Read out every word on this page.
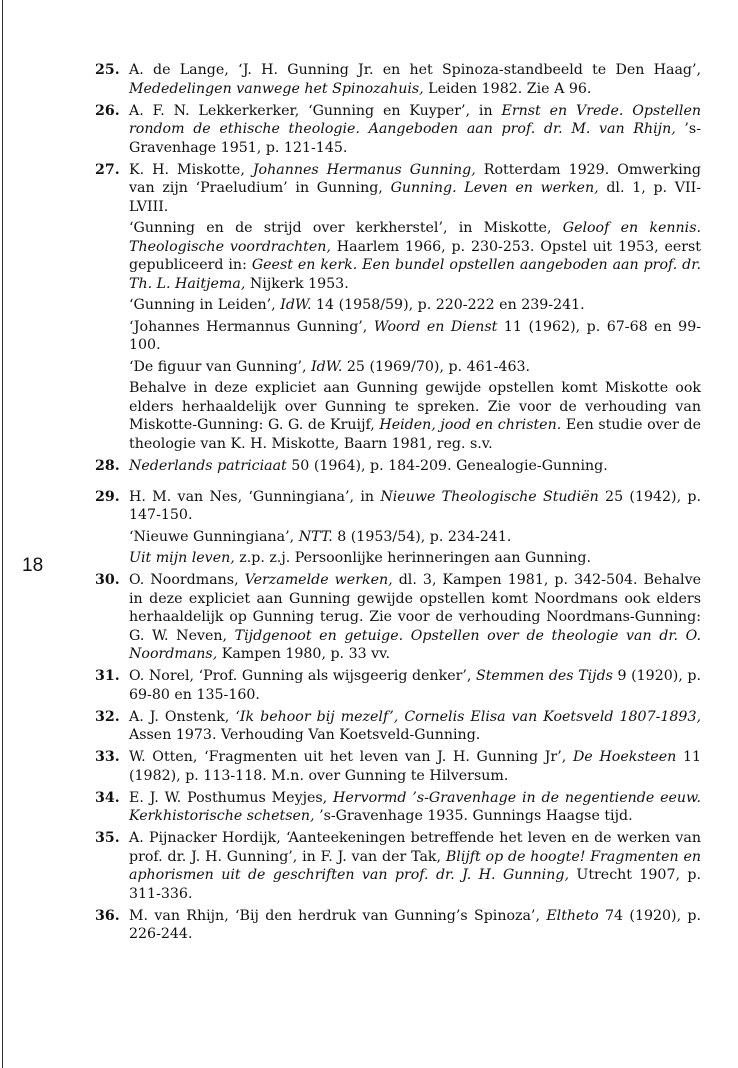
18
25. A. de Lange, ‘J. H. Gunning Jr. en het Spinoza-standbeeld te Den Haag’, Mededelingen vanwege het Spinozahuis, Leiden 1982. Zie A 96.
26. A. F. N. Lekkerkerker, ‘Gunning en Kuyper’, in Ernst en Vrede. Opstellen rondom de ethische theologie. Aangeboden aan prof. dr. M. van Rhijn, ’s-Gravenhage 1951, p. 121-145.
27. K. H. Miskotte, Johannes Hermanus Gunning, Rotterdam 1929. Omwerking van zijn ‘Praeludium’ in Gunning, Gunning. Leven en werken, dl. 1, p. VII-LVIII.
‘Gunning en de strijd over kerkherstel’, in Miskotte, Geloof en kennis. Theologische voordrachten, Haarlem 1966, p. 230-253. Opstel uit 1953, eerst gepubliceerd in: Geest en kerk. Een bundel opstellen aangeboden aan prof. dr. Th. L. Haitjema, Nijkerk 1953.
‘Gunning in Leiden’, IdW. 14 (1958/59), p. 220-222 en 239-241.
‘Johannes Hermannus Gunning’, Woord en Dienst 11 (1962), p. 67-68 en 99-100.
‘De figuur van Gunning’, IdW. 25 (1969/70), p. 461-463.
Behalve in deze expliciet aan Gunning gewijde opstellen komt Miskotte ook elders herhaaldelijk over Gunning te spreken. Zie voor de verhouding van Miskotte-Gunning: G. G. de Kruijf, Heiden, jood en christen. Een studie over de theologie van K. H. Miskotte, Baarn 1981, reg. s.v.
28. Nederlands patriciaat 50 (1964), p. 184-209. Genealogie-Gunning.
29. H. M. van Nes, ‘Gunningiana’, in Nieuwe Theologische Studiën 25 (1942), p. 147-150.
‘Nieuwe Gunningiana’, NTT. 8 (1953/54), p. 234-241.
Uit mijn leven, z.p. z.j. Persoonlijke herinneringen aan Gunning.
30. O. Noordmans, Verzamelde werken, dl. 3, Kampen 1981, p. 342-504. Behalve in deze expliciet aan Gunning gewijde opstellen komt Noordmans ook elders herhaaldelijk op Gunning terug. Zie voor de verhouding Noordmans-Gunning: G. W. Neven, Tijdgenoot en getuige. Opstellen over de theologie van dr. O. Noordmans, Kampen 1980, p. 33 vv.
31. O. Norel, ‘Prof. Gunning als wijsgeerig denker’, Stemmen des Tijds 9 (1920), p. 69-80 en 135-160.
32. A. J. Onstenk, ‘Ik behoor bij mezelf’, Cornelis Elisa van Koetsveld 1807-1893, Assen 1973. Verhouding Van Koetsveld-Gunning.
33. W. Otten, ‘Fragmenten uit het leven van J. H. Gunning Jr’, De Hoeksteen 11 (1982), p. 113-118. M.n. over Gunning te Hilversum.
34. E. J. W. Posthumus Meyjes, Hervormd ’s-Gravenhage in de negentiende eeuw. Kerkhistorische schetsen, ’s-Gravenhage 1935. Gunnings Haagse tijd.
35. A. Pijnacker Hordijk, ‘Aanteekeningen betreffende het leven en de werken van prof. dr. J. H. Gunning’, in F. J. van der Tak, Blijft op de hoogte! Fragmenten en aphorismen uit de geschriften van prof. dr. J. H. Gunning, Utrecht 1907, p. 311-336.
36. M. van Rhijn, ‘Bij den herdruk van Gunning’s Spinoza’, Eltheto 74 (1920), p. 226-244.
